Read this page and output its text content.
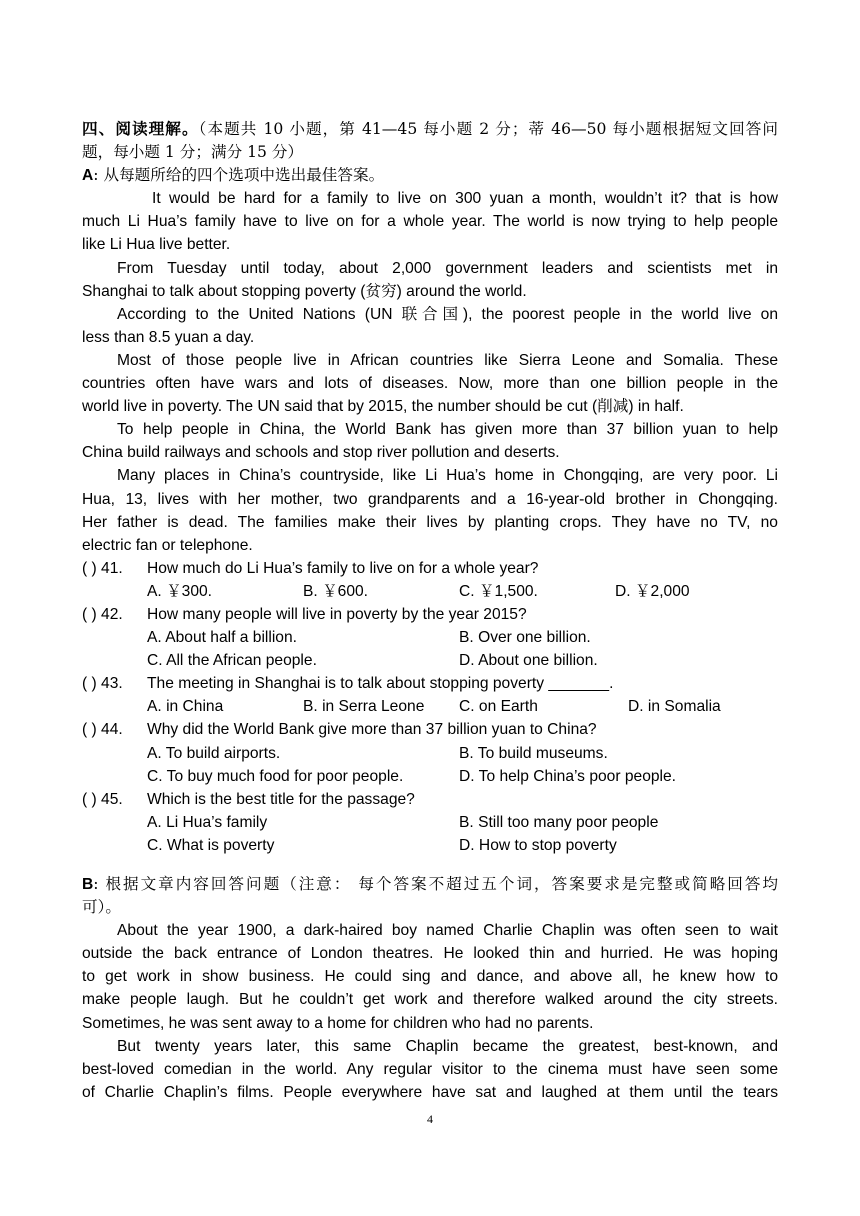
四、阅读理解。（本题共 10 小题，第 41—45 每小题 2 分；蒂 46—50 每小题根据短文回答问
题，每小题 1 分；满分 15 分）
A: 从每题所给的四个选项中选出最佳答案。
It would be hard for a family to live on 300 yuan a month, wouldn’t it? that is how
much Li Hua’s family have to live on for a whole year. The world is now trying to help people
like Li Hua live better.
From Tuesday until today, about 2,000 government leaders and scientists met in
Shanghai to talk about stopping poverty (贫穷) around the world.
According to the United Nations (UN 联合国), the poorest people in the world live on
less than 8.5 yuan a day.
Most of those people live in African countries like Sierra Leone and Somalia. These
countries often have wars and lots of diseases. Now, more than one billion people in the
world live in poverty. The UN said that by 2015, the number should be cut (削减) in half.
To help people in China, the World Bank has given more than 37 billion yuan to help
China build railways and schools and stop river pollution and deserts.
Many places in China’s countryside, like Li Hua’s home in Chongqing, are very poor. Li
Hua, 13, lives with her mother, two grandparents and a 16-year-old brother in Chongqing.
Her father is dead. The families make their lives by planting crops. They have no TV, no
electric fan or telephone.
( ) 41. How much do Li Hua’s family to live on for a whole year?
A. ￥300.	B. ￥600.	C. ￥1,500.	D. ￥2,000
( ) 42. How many people will live in poverty by the year 2015?
A. About half a billion.	B. Over one billion.
C. All the African people.	D. About one billion.
( ) 43. The meeting in Shanghai is to talk about stopping poverty _______.
A. in China	B. in Serra Leone C. on Earth	D. in Somalia
( ) 44. Why did the World Bank give more than 37 billion yuan to China?
A. To build airports.	B. To build museums.
C. To buy much food for poor people.	D. To help China’s poor people.
( ) 45. Which is the best title for the passage?
A. Li Hua’s family	B. Still too many poor people
C. What is poverty	D. How to stop poverty
B: 根据文章内容回答问题（注意： 每个答案不超过五个词，答案要求是完整或简略回答均
可）。
About the year 1900, a dark-haired boy named Charlie Chaplin was often seen to wait
outside the back entrance of London theatres. He looked thin and hurried. He was hoping
to get work in show business. He could sing and dance, and above all, he knew how to
make people laugh. But he couldn’t get work and therefore walked around the city streets.
Sometimes, he was sent away to a home for children who had no parents.
But twenty years later, this same Chaplin became the greatest, best-known, and
best-loved comedian in the world. Any regular visitor to the cinema must have seen some
of Charlie Chaplin’s films. People everywhere have sat and laughed at them until the tears
4
